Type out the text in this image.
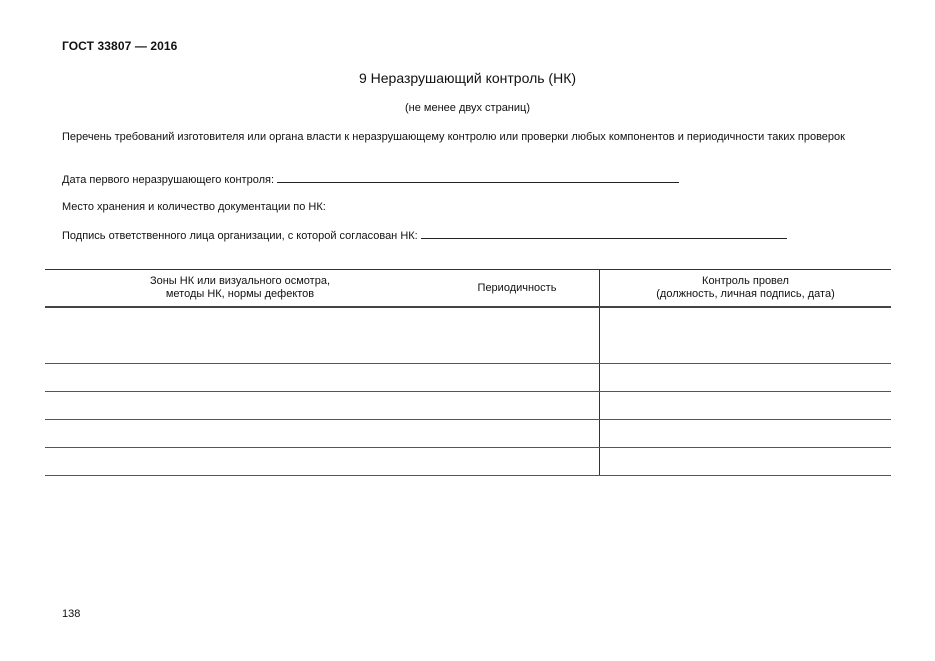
ГОСТ 33807 — 2016
9 Неразрушающий контроль (НК)
(не менее двух страниц)
Перечень требований изготовителя или органа власти к неразрушающему контролю или проверки любых компонентов и периодичности таких проверок
Дата первого неразрушающего контроля:
Место хранения и количество документации по НК:
Подпись ответственного лица организации, с которой согласован НК:
Зоны НК или визуального осмотра,
методы НК, нормы дефектов	Периодичность	Контроль провел
(должность, личная подпись, дата)

138
